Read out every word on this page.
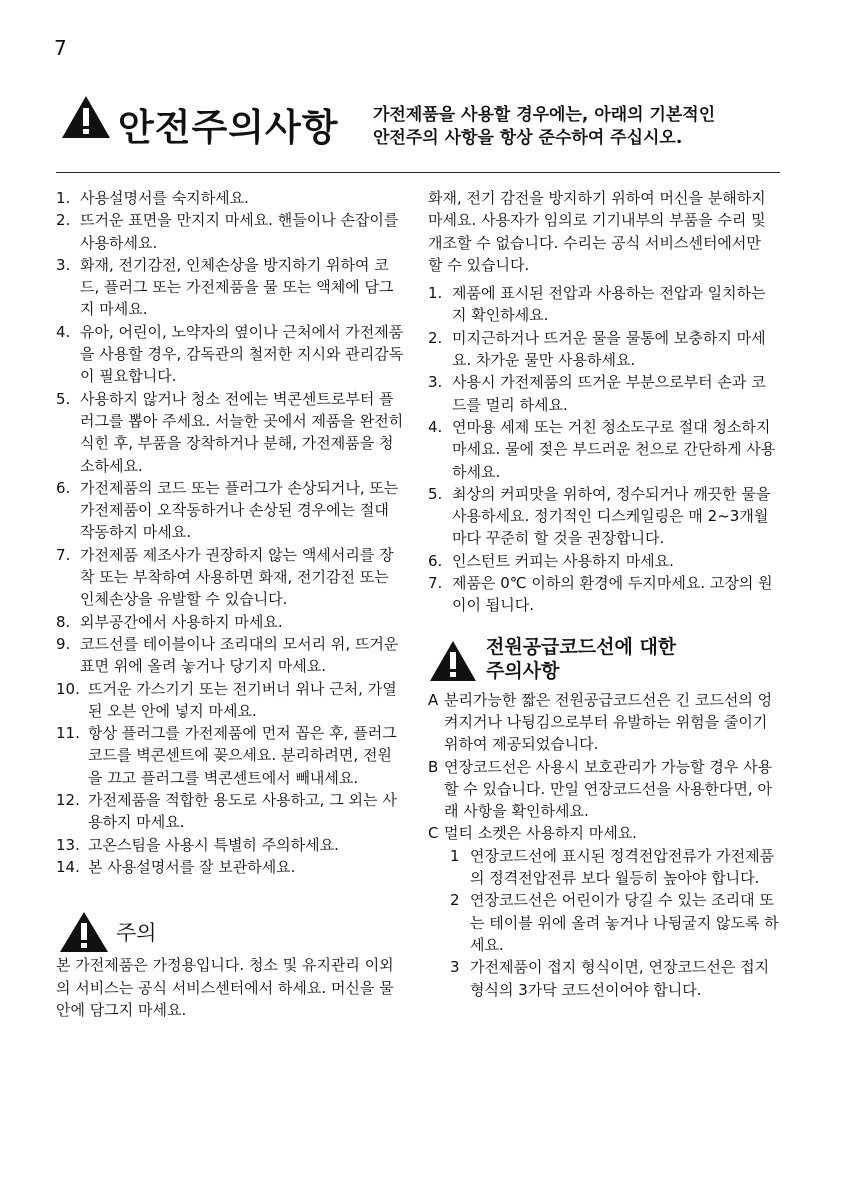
7
안전주의사항 가전제품을 사용할 경우에는, 아래의 기본적인
안전주의 사항을 항상 준수하여 주십시오.
1. 사용설명서를 숙지하세요.
2. 뜨거운 표면을 만지지 마세요. 핸들이나 손잡이를 사용하세요.
3. 화재, 전기감전, 인체손상을 방지하기 위하여 코드, 플러그 또는 가전제품을 물 또는 액체에 담그지 마세요.
4. 유아, 어린이, 노약자의 옆이나 근처에서 가전제품을 사용할 경우, 감독관의 철저한 지시와 관리감독이 필요합니다.
5. 사용하지 않거나 청소 전에는 벽콘센트로부터 플러그를 뽑아 주세요. 서늘한 곳에서 제품을 완전히 식힌 후, 부품을 장착하거나 분해, 가전제품을 청소하세요.
6. 가전제품의 코드 또는 플러그가 손상되거나, 또는 가전제품이 오작동하거나 손상된 경우에는 절대 작동하지 마세요.
7. 가전제품 제조사가 권장하지 않는 액세서리를 장착 또는 부착하여 사용하면 화재, 전기감전 또는 인체손상을 유발할 수 있습니다.
8. 외부공간에서 사용하지 마세요.
9. 코드선를 테이블이나 조리대의 모서리 위, 뜨거운 표면 위에 올려 놓거나 당기지 마세요.
10. 뜨거운 가스기기 또는 전기버너 위나 근처, 가열된 오븐 안에 넣지 마세요.
11. 항상 플러그를 가전제품에 먼저 꼽은 후, 플러그 코드를 벽콘센트에 꽂으세요. 분리하려면, 전원을 끄고 플러그를 벽콘센트에서 빼내세요.
12. 가전제품을 적합한 용도로 사용하고, 그 외는 사용하지 마세요.
13. 고온스팀을 사용시 특별히 주의하세요.
14. 본 사용설명서를 잘 보관하세요.
주의

본 가전제품은 가정용입니다. 청소 및 유지관리 이외의 서비스는 공식 서비스센터에서 하세요. 머신을 물 안에 담그지 마세요.

화재, 전기 감전을 방지하기 위하여 머신을 분해하지 마세요. 사용자가 임의로 기기내부의 부품을 수리 및 개조할 수 없습니다. 수리는 공식 서비스센터에서만 할 수 있습니다.

1. 제품에 표시된 전압과 사용하는 전압과 일치하는지 확인하세요.
2. 미지근하거나 뜨거운 물을 물통에 보충하지 마세요. 차가운 물만 사용하세요.
3. 사용시 가전제품의 뜨거운 부분으로부터 손과 코드를 멀리 하세요.
4. 연마용 세제 또는 거친 청소도구로 절대 청소하지 마세요. 물에 젖은 부드러운 천으로 간단하게 사용하세요.
5. 최상의 커피맛을 위하여, 정수되거나 깨끗한 물을 사용하세요. 정기적인 디스케일링은 매 2~3개월마다 꾸준히 할 것을 권장합니다.
6. 인스턴트 커피는 사용하지 마세요.
7. 제품은 0℃ 이하의 환경에 두지마세요. 고장의 원이이 됩니다.
전원공급코드선에 대한
주의사항
A 분리가능한 짧은 전원공급코드선은 긴 코드선의 엉켜지거나 나뒹김으로부터 유발하는 위험을 줄이기 위하여 제공되었습니다.
B 연장코드선은 사용시 보호관리가 가능할 경우 사용할 수 있습니다. 만일 연장코드선을 사용한다면, 아래 사항을 확인하세요.
C 멀티 소켓은 사용하지 마세요.
1 연장코드선에 표시된 정격전압전류가 가전제품의 정격전압전류 보다 월등히 높아야 합니다.
2 연장코드선은 어린이가 당길 수 있는 조리대 또는 테이블 위에 올려 놓거나 나뒹굴지 않도록 하세요.
3 가전제품이 접지 형식이면, 연장코드선은 접지형식의 3가닥 코드선이어야 합니다.
